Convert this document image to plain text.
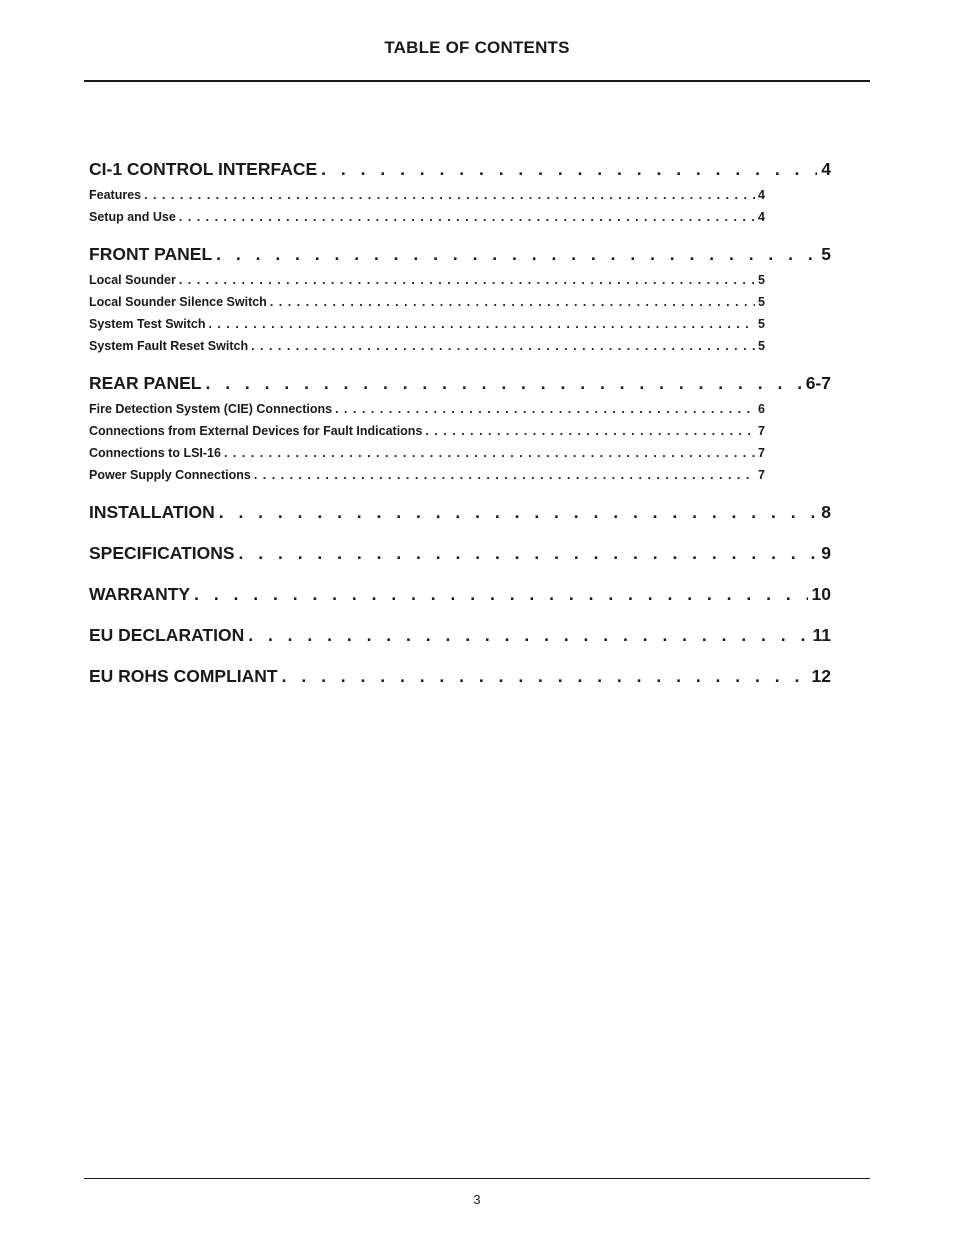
TABLE OF CONTENTS
CI-1 CONTROL INTERFACE . . .	4
Features . . .	4
Setup and Use . . .	4
FRONT PANEL . . .	5
Local Sounder . . .	5
Local Sounder Silence Switch . . .	5
System Test Switch . . .	5
System Fault Reset Switch . . .	5
REAR PANEL . . .	6-7
Fire Detection System (CIE) Connections . . .	6
Connections from External Devices for Fault Indications . . .	7
Connections to LSI-16 . . .	7
Power Supply Connections . . .	7
INSTALLATION . . .	8
SPECIFICATIONS . . .	9
WARRANTY . . .	10
EU DECLARATION . . .	11
EU ROHS COMPLIANT . . .	12
3
